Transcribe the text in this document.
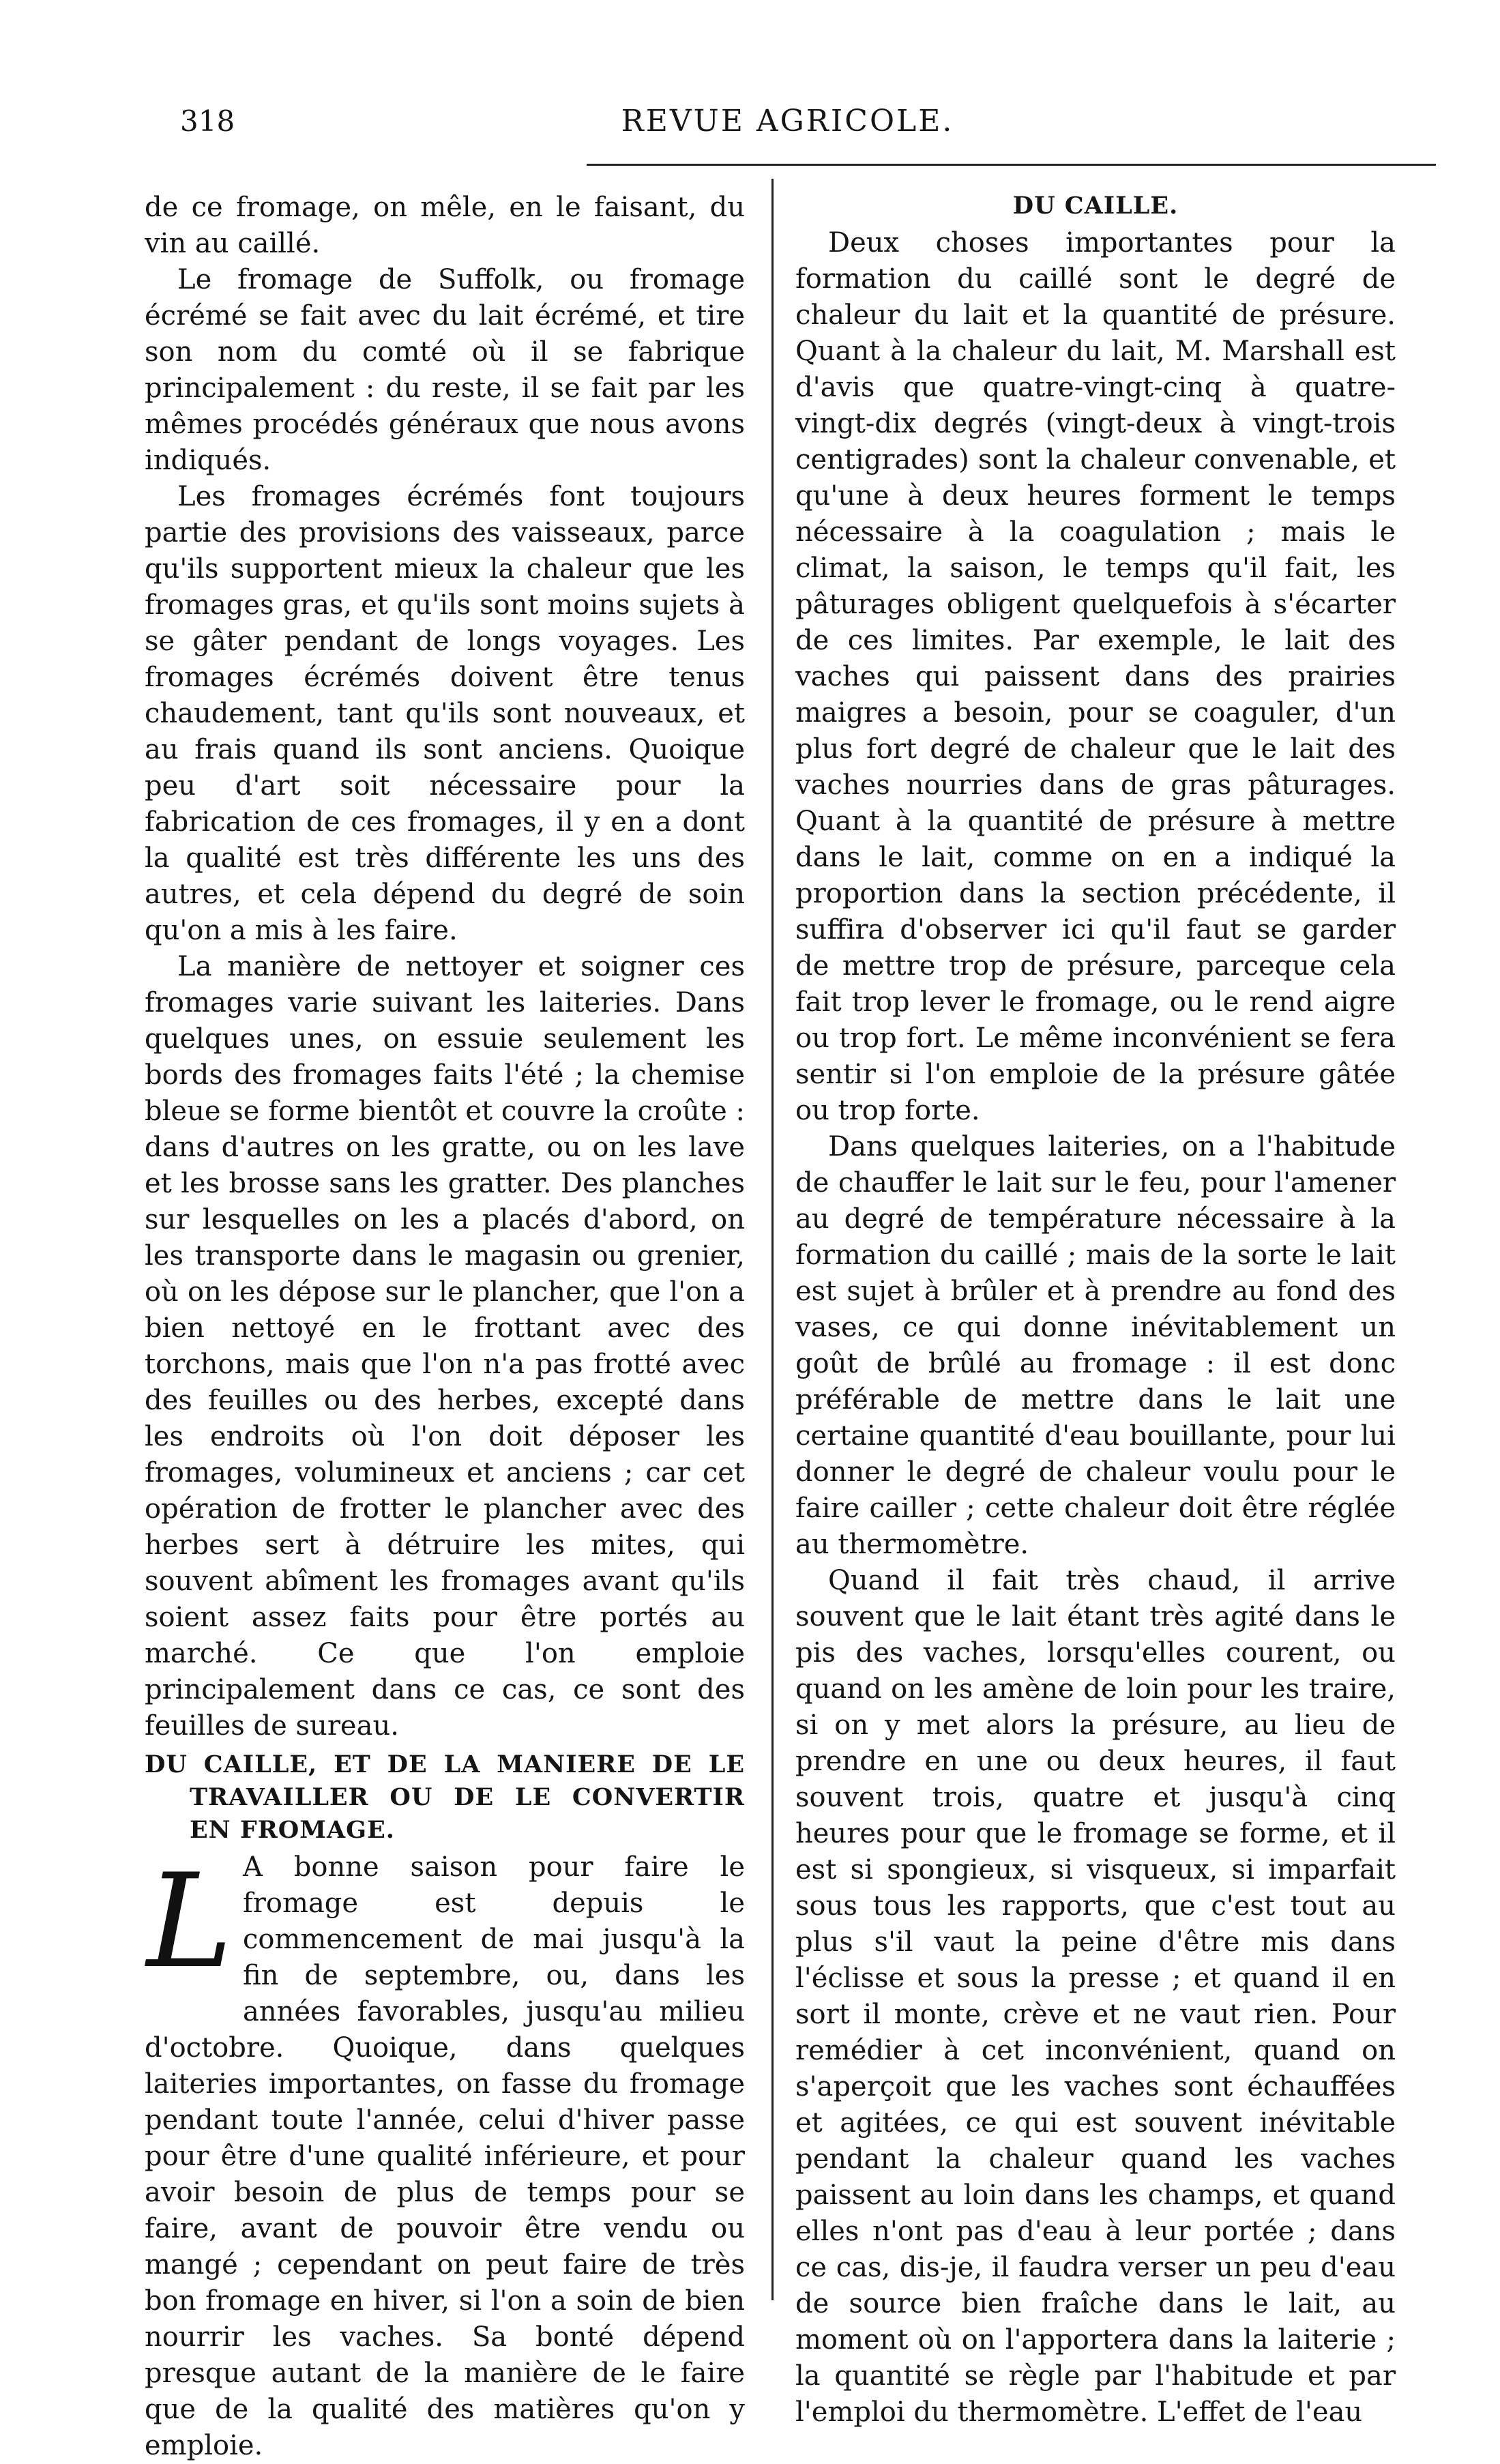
318	REVUE AGRICOLE.

de ce fromage, on mêle, en le faisant, du vin au caillé.

Le fromage de Suffolk, ou fromage écrémé se fait avec du lait écrémé, et tire son nom du comté où il se fabrique principalement : du reste, il se fait par les mêmes procédés généraux que nous avons indiqués.

Les fromages écrémés font toujours partie des provisions des vaisseaux, parce qu'ils supportent mieux la chaleur que les fromages gras, et qu'ils sont moins sujets à se gâter pendant de longs voyages. Les fromages écrémés doivent être tenus chaudement, tant qu'ils sont nouveaux, et au frais quand ils sont anciens. Quoique peu d'art soit nécessaire pour la fabrication de ces fromages, il y en a dont la qualité est très différente les uns des autres, et cela dépend du degré de soin qu'on a mis à les faire.

La manière de nettoyer et soigner ces fromages varie suivant les laiteries. Dans quelques unes, on essuie seulement les bords des fromages faits l'été ; la chemise bleue se forme bientôt et couvre la croûte : dans d'autres on les gratte, ou on les lave et les brosse sans les gratter. Des planches sur lesquelles on les a placés d'abord, on les transporte dans le magasin ou grenier, où on les dépose sur le plancher, que l'on a bien nettoyé en le frottant avec des torchons, mais que l'on n'a pas frotté avec des feuilles ou des herbes, excepté dans les endroits où l'on doit déposer les fromages, volumineux et anciens ; car cet opération de frotter le plancher avec des herbes sert à détruire les mites, qui souvent abîment les fromages avant qu'ils soient assez faits pour être portés au marché. Ce que l'on emploie principalement dans ce cas, ce sont des feuilles de sureau.

DU CAILLE, ET DE LA MANIERE DE LE TRAVAILLER OU DE LE CONVERTIR EN FROMAGE.

L A bonne saison pour faire le fromage est depuis le commencement de mai jusqu'à la fin de septembre, ou, dans les années favorables, jusqu'au milieu d'octobre. Quoique, dans quelques laiteries importantes, on fasse du fromage pendant toute l'année, celui d'hiver passe pour être d'une qualité inférieure, et pour avoir besoin de plus de temps pour se faire, avant de pouvoir être vendu ou mangé ; cependant on peut faire de très bon fromage en hiver, si l'on a soin de bien nourrir les vaches. Sa bonté dépend presque autant de la manière de le faire que de la qualité des matières qu'on y emploie.

DU CAILLE.

Deux choses importantes pour la formation du caillé sont le degré de chaleur du lait et la quantité de présure. Quant à la chaleur du lait, M. Marshall est d'avis que quatre-vingt-cinq à quatre-vingt-dix degrés (vingt-deux à vingt-trois centigrades) sont la chaleur convenable, et qu'une à deux heures forment le temps nécessaire à la coagulation ; mais le climat, la saison, le temps qu'il fait, les pâturages obligent quelquefois à s'écarter de ces limites. Par exemple, le lait des vaches qui paissent dans des prairies maigres a besoin, pour se coaguler, d'un plus fort degré de chaleur que le lait des vaches nourries dans de gras pâturages. Quant à la quantité de présure à mettre dans le lait, comme on en a indiqué la proportion dans la section précédente, il suffira d'observer ici qu'il faut se garder de mettre trop de présure, parceque cela fait trop lever le fromage, ou le rend aigre ou trop fort. Le même inconvénient se fera sentir si l'on emploie de la présure gâtée ou trop forte.

Dans quelques laiteries, on a l'habitude de chauffer le lait sur le feu, pour l'amener au degré de température nécessaire à la formation du caillé ; mais de la sorte le lait est sujet à brûler et à prendre au fond des vases, ce qui donne inévitablement un goût de brûlé au fromage : il est donc préférable de mettre dans le lait une certaine quantité d'eau bouillante, pour lui donner le degré de chaleur voulu pour le faire cailler ; cette chaleur doit être réglée au thermomètre.

Quand il fait très chaud, il arrive souvent que le lait étant très agité dans le pis des vaches, lorsqu'elles courent, ou quand on les amène de loin pour les traire, si on y met alors la présure, au lieu de prendre en une ou deux heures, il faut souvent trois, quatre et jusqu'à cinq heures pour que le fromage se forme, et il est si spongieux, si visqueux, si imparfait sous tous les rapports, que c'est tout au plus s'il vaut la peine d'être mis dans l'éclisse et sous la presse ; et quand il en sort il monte, crève et ne vaut rien. Pour remédier à cet inconvénient, quand on s'aperçoit que les vaches sont échauffées et agitées, ce qui est souvent inévitable pendant la chaleur quand les vaches paissent au loin dans les champs, et quand elles n'ont pas d'eau à leur portée ; dans ce cas, dis-je, il faudra verser un peu d'eau de source bien fraîche dans le lait, au moment où on l'apportera dans la laiterie ; la quantité se règle par l'habitude et par l'emploi du thermomètre. L'effet de l'eau
